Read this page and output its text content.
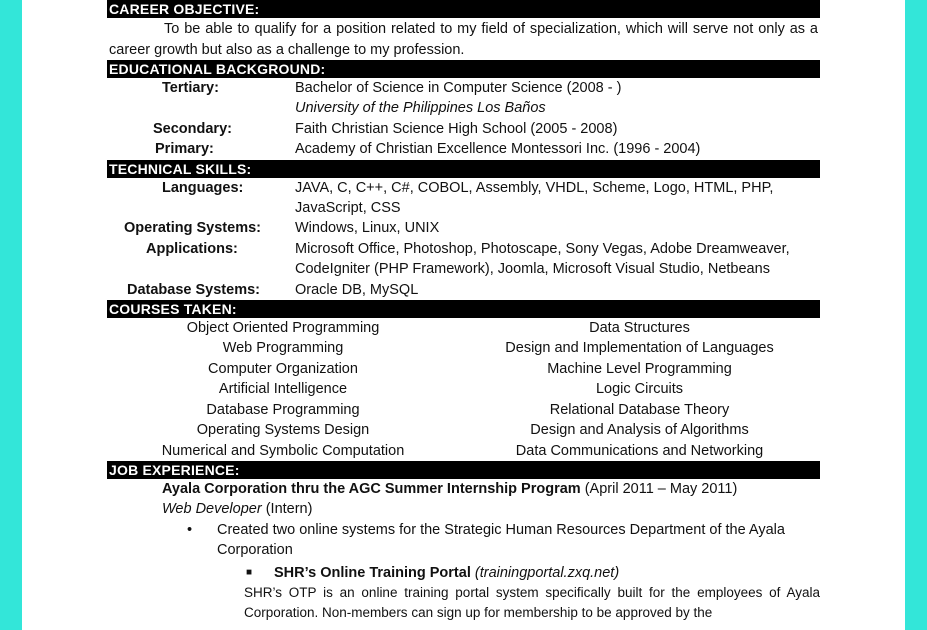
CAREER OBJECTIVE:

To be able to qualify for a position related to my field of specialization, which will serve not only as a career growth but also as a challenge to my profession.

EDUCATIONAL BACKGROUND:
Tertiary:	Bachelor of Science in Computer Science (2008 - )
University of the Philippines Los Baños
Secondary:	Faith Christian Science High School (2005 - 2008)
Primary:	Academy of Christian Excellence Montessori Inc. (1996 - 2004)
TECHNICAL SKILLS:
Languages:	JAVA, C, C++, C#, COBOL, Assembly, VHDL, Scheme, Logo, HTML, PHP, JavaScript, CSS
Operating Systems:	Windows, Linux, UNIX
Applications:	Microsoft Office, Photoshop, Photoscape, Sony Vegas, Adobe Dreamweaver, CodeIgniter (PHP Framework), Joomla, Microsoft Visual Studio, Netbeans
Database Systems:	Oracle DB, MySQL
COURSES TAKEN:
Object Oriented Programming	Data Structures
Web Programming	Design and Implementation of Languages
Computer Organization	Machine Level Programming
Artificial Intelligence	Logic Circuits
Database Programming	Relational Database Theory
Operating Systems Design	Design and Analysis of Algorithms
Numerical and Symbolic Computation	Data Communications and Networking
JOB EXPERIENCE:
Ayala Corporation thru the AGC Summer Internship Program (April 2011 – May 2011)
Web Developer (Intern)
•	Created two online systems for the Strategic Human Resources Department of the Ayala Corporation
■	SHR’s Online Training Portal (trainingportal.zxq.net)
SHR’s OTP is an online training portal system specifically built for the employees of Ayala Corporation. Non-members can sign up for membership to be approved by the
